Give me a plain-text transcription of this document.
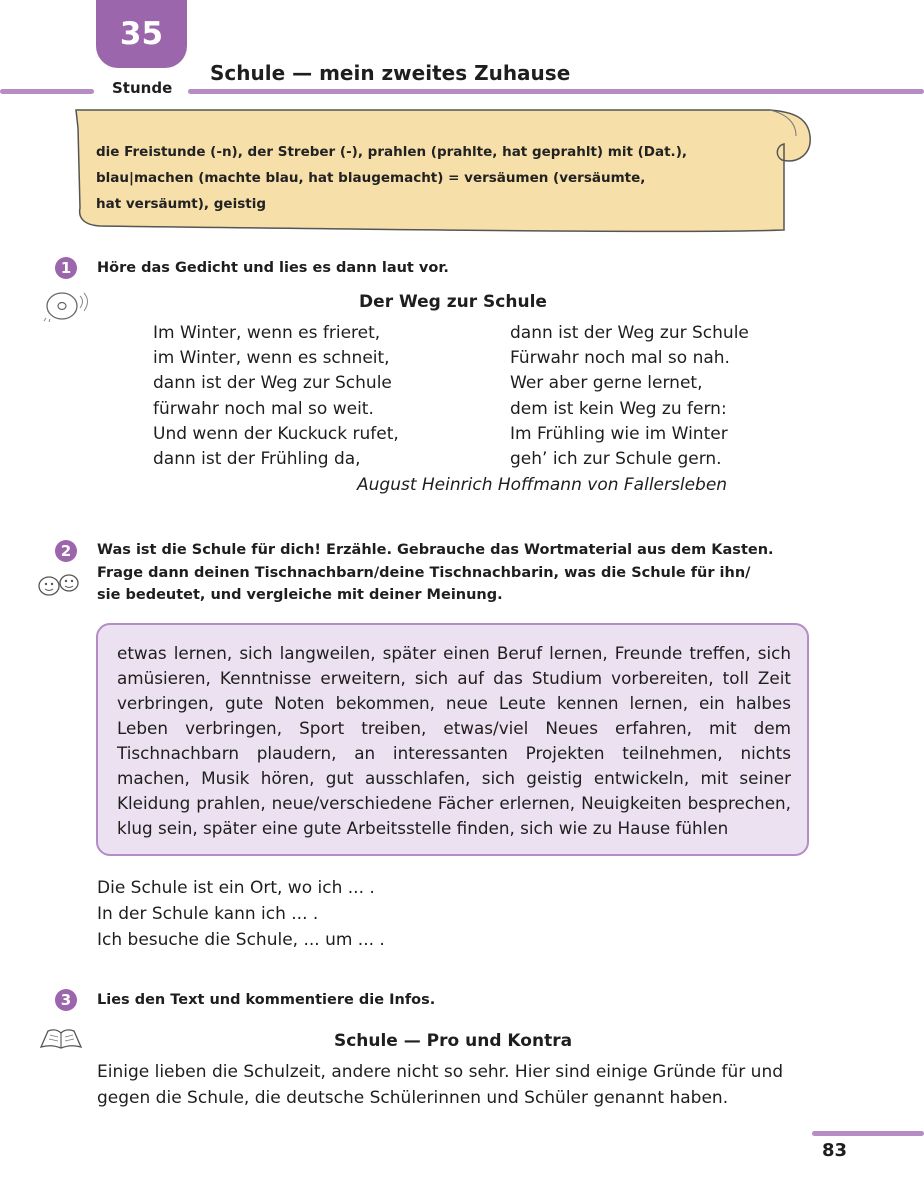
35
Stunde
Schule — mein zweites Zuhause
die Freistunde (-n), der Streber (-), prahlen (prahlte, hat geprahlt) mit (Dat.),
blau|machen (machte blau, hat blaugemacht) = versäumen (versäumte,
hat versäumt), geistig
1	Höre das Gedicht und lies es dann laut vor.
Der Weg zur Schule
Im Winter, wenn es frieret,
im Winter, wenn es schneit,
dann ist der Weg zur Schule
fürwahr noch mal so weit.
Und wenn der Kuckuck rufet,
dann ist der Frühling da,
dann ist der Weg zur Schule
Fürwahr noch mal so nah.
Wer aber gerne lernet,
dem ist kein Weg zu fern:
Im Frühling wie im Winter
geh’ ich zur Schule gern.
August Heinrich Hoffmann von Fallersleben
2	Was ist die Schule für dich! Erzähle. Gebrauche das Wortmaterial aus dem Kasten.
Frage dann deinen Tischnachbarn/deine Tischnachbarin, was die Schule für ihn/
sie bedeutet, und vergleiche mit deiner Meinung.
etwas lernen, sich langweilen, später einen Beruf lernen, Freunde treffen, sich amüsieren, Kenntnisse erweitern, sich auf das Studium vorbereiten, toll Zeit verbringen, gute Noten bekommen, neue Leute kennen lernen, ein halbes Leben verbringen, Sport treiben, etwas/viel Neues erfahren, mit dem Tischnachbarn plaudern, an interessanten Projekten teilnehmen, nichts machen, Musik hören, gut ausschlafen, sich geistig entwickeln, mit seiner Kleidung prahlen, neue/verschiedene Fächer erlernen, Neuigkeiten besprechen, klug sein, später eine gute Arbeitsstelle finden, sich wie zu Hause fühlen
Die Schule ist ein Ort, wo ich ... .
In der Schule kann ich ... .
Ich besuche die Schule, ... um ... .
3	Lies den Text und kommentiere die Infos.
Schule — Pro und Kontra
Einige lieben die Schulzeit, andere nicht so sehr. Hier sind einige Gründe für und gegen die Schule, die deutsche Schülerinnen und Schüler genannt haben.
83
